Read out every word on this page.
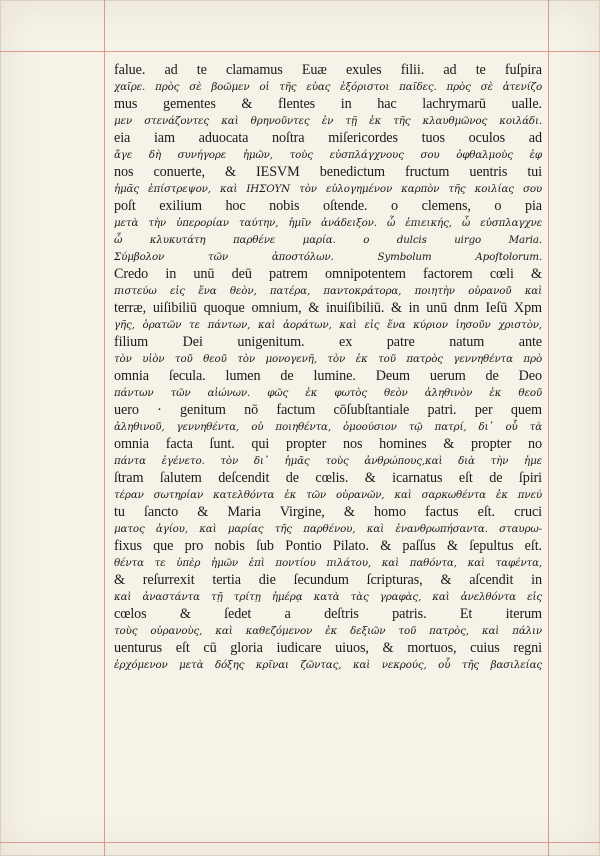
falue. ad te clamamus Euæ exules filii. ad te fuſpira
χαῖρε. πρὸς σὲ βοῶμεν οἱ τῆς εὐας ἐξόριστοι παῖδες. πρὸς σὲ ἀτενίζο
mus gementes & flentes in hac lachrymarū ualle.
μεν στενάζοντες καὶ θρηνοῦντες ἐν τῇ ἐκ τῆς κλαυθμῶνος κοιλάδι.
eia iam aduocata noſtra miſericordes tuos oculos ad
ἄγε δὴ συνήγορε ἡμῶν, τοὺς εὐσπλάγχνους σου ὀφθαλμοὺς ἐφ
nos conuerte, & IESVM benedictum fructum uentris tui
ἡμᾶς ἐπίστρεψον, καὶ ΙΗΣΟΥΝ τὸν εὐλογημένον καρπὸν τῆς κοιλίας σου
poſt exilium hoc nobis oſtende. o clemens, o pia
μετὰ τὴν ὑπερορίαν ταύτην, ἡμῖν ἀνάδειξον. ὦ ἐπιεικής, ὦ εὐσπλαγχνε
ὦ κλυκυτάτη παρθένε μαρία. o dulcis uirgo Maria.
Σύμβολον τῶν ἀποστόλων. Symbolum Apoſtolorum.
Credo in unū deū patrem omnipotentem factorem cœli &
πιστεύω εἰς ἕνα θεὸν, πατέρα, παντοκράτορα, ποιητὴν οὐρανοῦ καὶ
terræ, uiſibiliū quoque omnium, & inuiſibiliū. & in unū dnm Ieſū Xpm
γῆς, ὁρατῶν τε πάντων, καὶ ἀοράτων, καὶ εἰς ἕνα κύριον ἰησοῦν χριστὸν,
filium Dei unigenitum. ex patre natum ante
τὸν υἱὸν τοῦ θεοῦ τὸν μονογενῆ, τὸν ἐκ τοῦ πατρὸς γεννηθέντα πρὸ
omnia ſecula. lumen de lumine. Deum uerum de Deo
πάντων τῶν αἰώνων. φῶς ἐκ φωτὸς θεὸν ἀληθινὸν ἐκ θεοῦ
uero · genitum nō factum cōſubſtantiale patri. per quem
ἀληθινοῦ, γεννηθέντα, οὐ ποιηθέντα, ὁμοούσιον τῷ πατρί, δι᾽ οὗ τὰ
omnia facta ſunt. qui propter nos homines & propter no
πάντα ἐγένετο. τὸν δι᾽ ἡμᾶς τοὺς ἀνθρώπους,καὶ διὰ τὴν ἡμε
ſtram ſalutem deſcendit de cœlis. & icarnatus eſt de ſpiri
τέραν σωτηρίαν κατελθόντα ἐκ τῶν οὐρανῶν, καὶ σαρκωθέντα ἐκ πνεύ
tu ſancto & Maria Virgine, & homo factus eſt. cruci
ματος ἁγίου, καὶ μαρίας τῆς παρθένου, καὶ ἐνανθρωπήσαντα. σταυρω-
fixus que pro nobis ſub Pontio Pilato. & paſſus & ſepultus eſt.
θέντα τε ὑπὲρ ἡμῶν ἐπὶ ποντίου πιλάτου, καὶ παθόντα, καὶ ταφέντα,
& reſurrexit tertia die ſecundum ſcripturas, & aſcendit in
καὶ ἀναστάντα τῇ τρίτῃ ἡμέρᾳ κατὰ τὰς γραφὰς, καὶ ἀνελθόντα εἰς
cœlos & ſedet a deſtris patris. Et iterum
τοὺς οὐρανοὺς, καὶ καθεζόμενον ἐκ δεξιῶν τοῦ πατρὸς, καὶ πάλιν
uenturus eſt cū gloria iudicare uiuos, & mortuos, cuius regni
ἐρχόμενον μετὰ δόξης κρῖναι ζῶντας, καὶ νεκρούς, οὗ τῆς βασιλείας
